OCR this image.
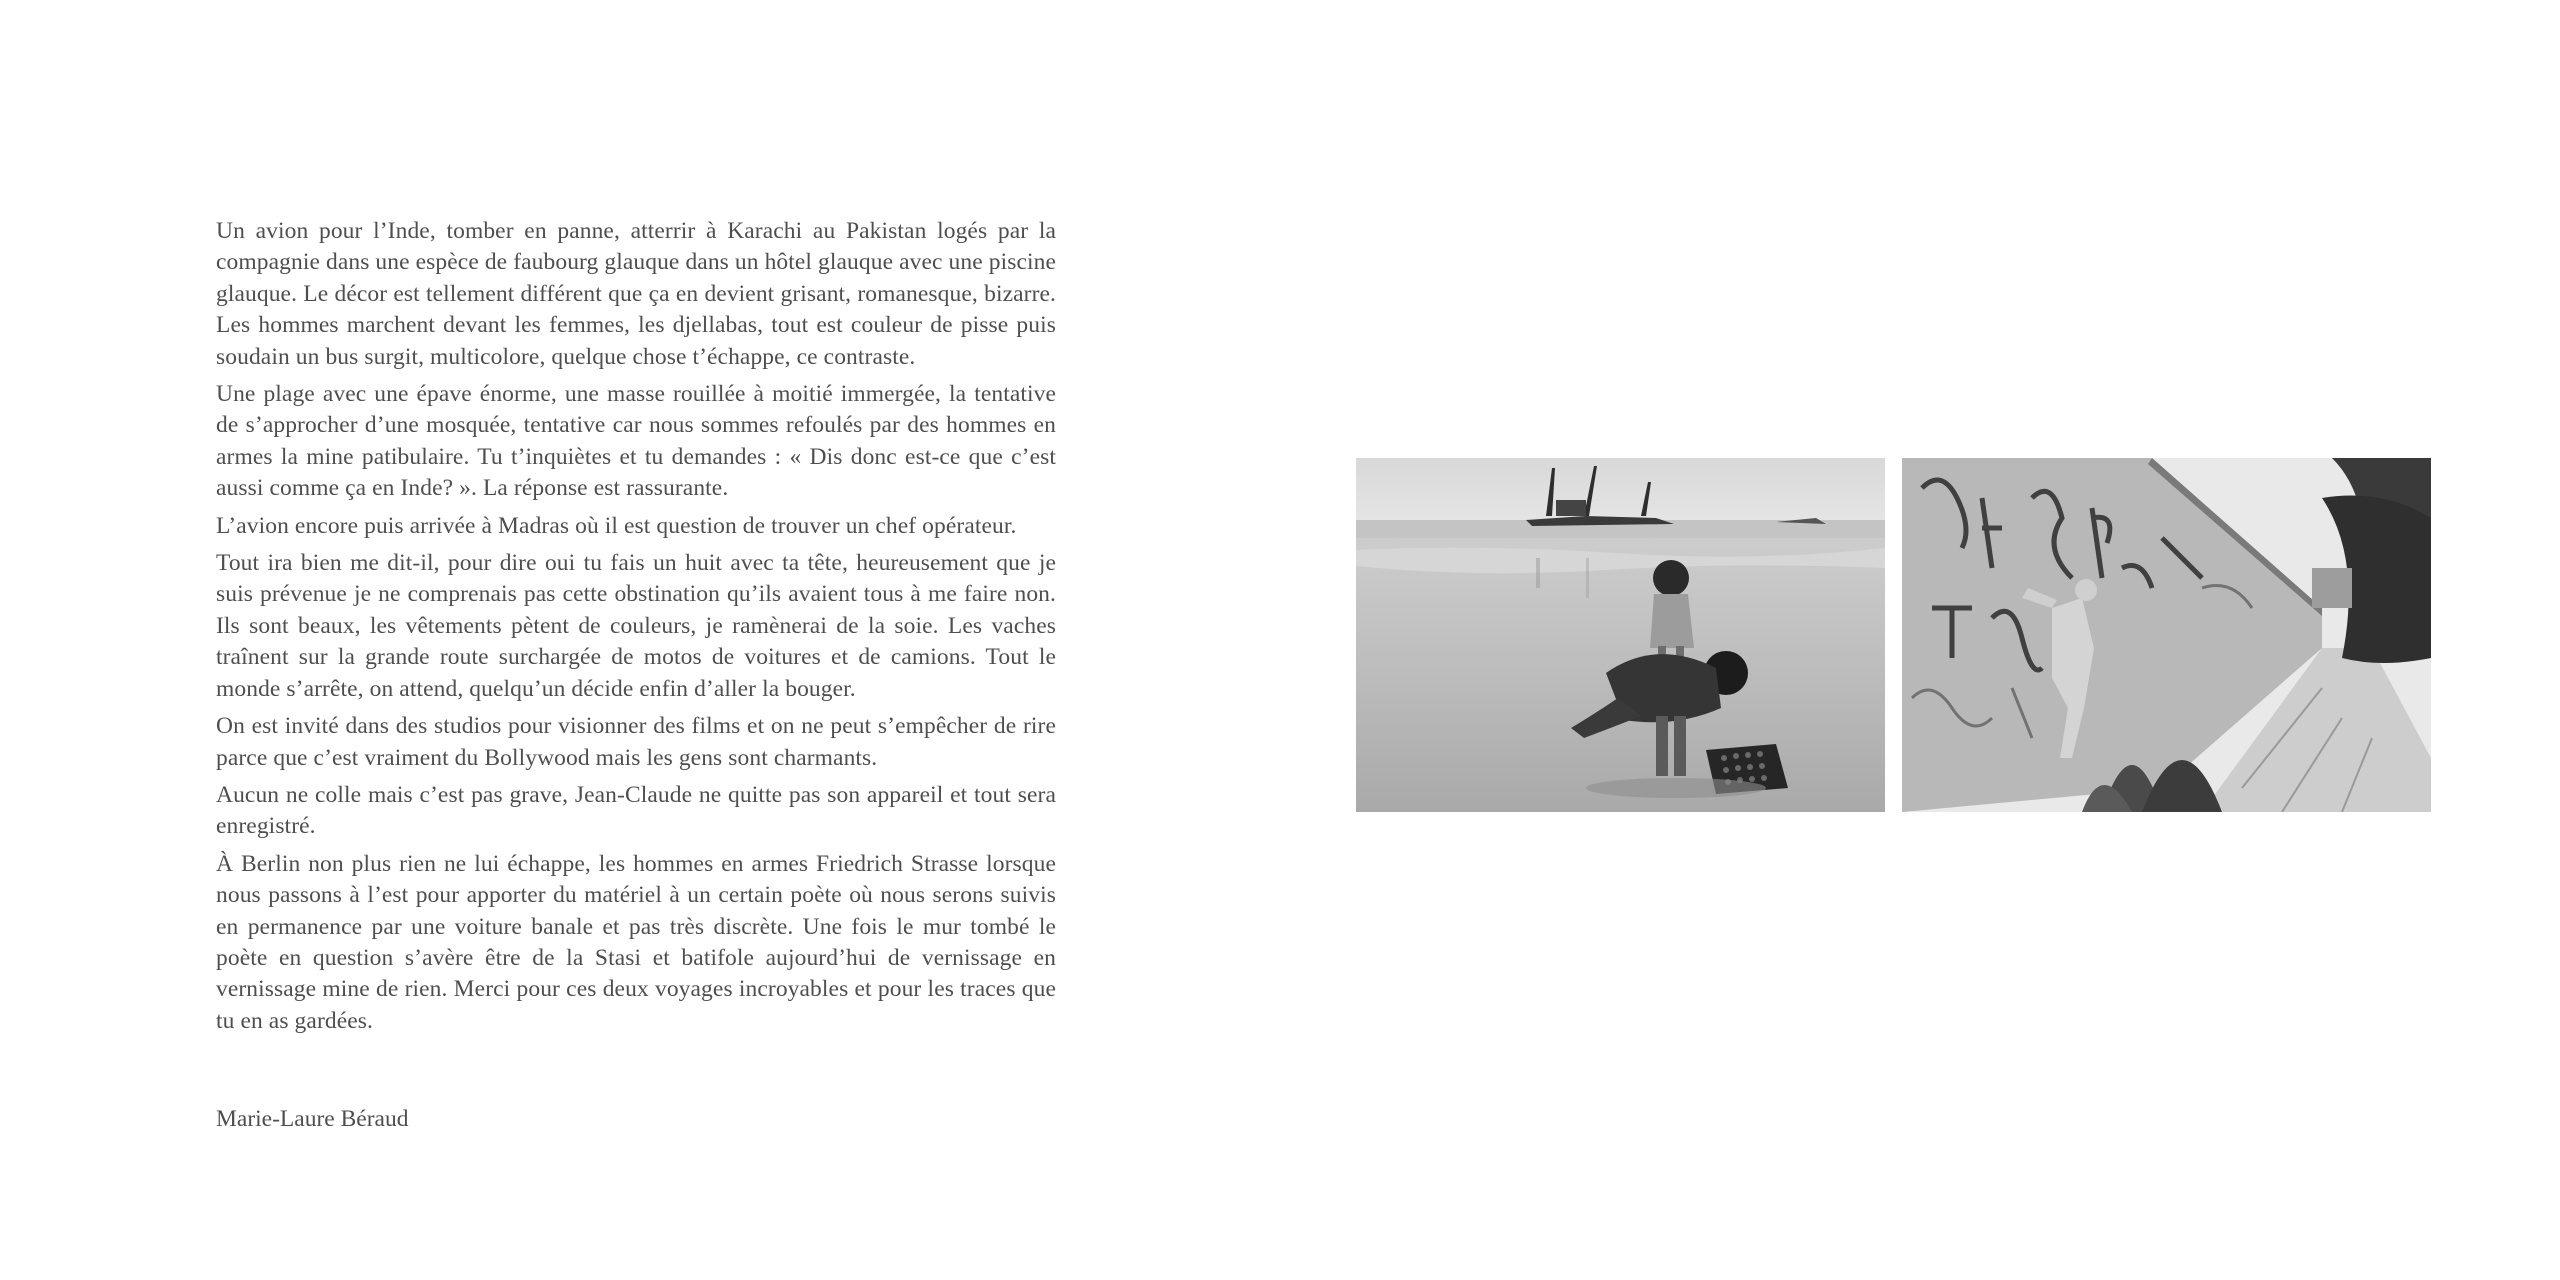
Un avion pour l’Inde, tomber en panne, atterrir à Karachi au Pakistan logés par la compagnie dans une espèce de faubourg glauque dans un hôtel glauque avec une piscine glauque. Le décor est tellement différent que ça en devient grisant, romanesque, bizarre. Les hommes marchent devant les femmes, les djellabas, tout est couleur de pisse puis soudain un bus surgit, multicolore, quelque chose t’échappe, ce contraste.

Une plage avec une épave énorme, une masse rouillée à moitié immergée, la tentative de s’approcher d’une mosquée, tentative car nous sommes refoulés par des hommes en armes la mine patibulaire. Tu t’inquiètes et tu demandes : « Dis donc est-ce que c’est aussi comme ça en Inde? ». La réponse est rassurante.

L’avion encore puis arrivée à Madras où il est question de trouver un chef opérateur.

Tout ira bien me dit-il, pour dire oui tu fais un huit avec ta tête, heureusement que je suis prévenue je ne comprenais pas cette obstination qu’ils avaient tous à me faire non. Ils sont beaux, les vêtements pètent de couleurs, je ramènerai de la soie. Les vaches traînent sur la grande route surchargée de motos de voitures et de camions. Tout le monde s’arrête, on attend, quelqu’un décide enfin d’aller la bouger.

On est invité dans des studios pour visionner des films et on ne peut s’empêcher de rire parce que c’est vraiment du Bollywood mais les gens sont charmants.

Aucun ne colle mais c’est pas grave, Jean-Claude ne quitte pas son appareil et tout sera enregistré.

À Berlin non plus rien ne lui échappe, les hommes en armes Friedrich Strasse lorsque nous passons à l’est pour apporter du matériel à un certain poète où nous serons suivis en permanence par une voiture banale et pas très discrète. Une fois le mur tombé le poète en question s’avère être de la Stasi et batifole aujourd’hui de vernissage en vernissage mine de rien. Merci pour ces deux voyages incroyables et pour les traces que tu en as gardées.

Marie-Laure Béraud
